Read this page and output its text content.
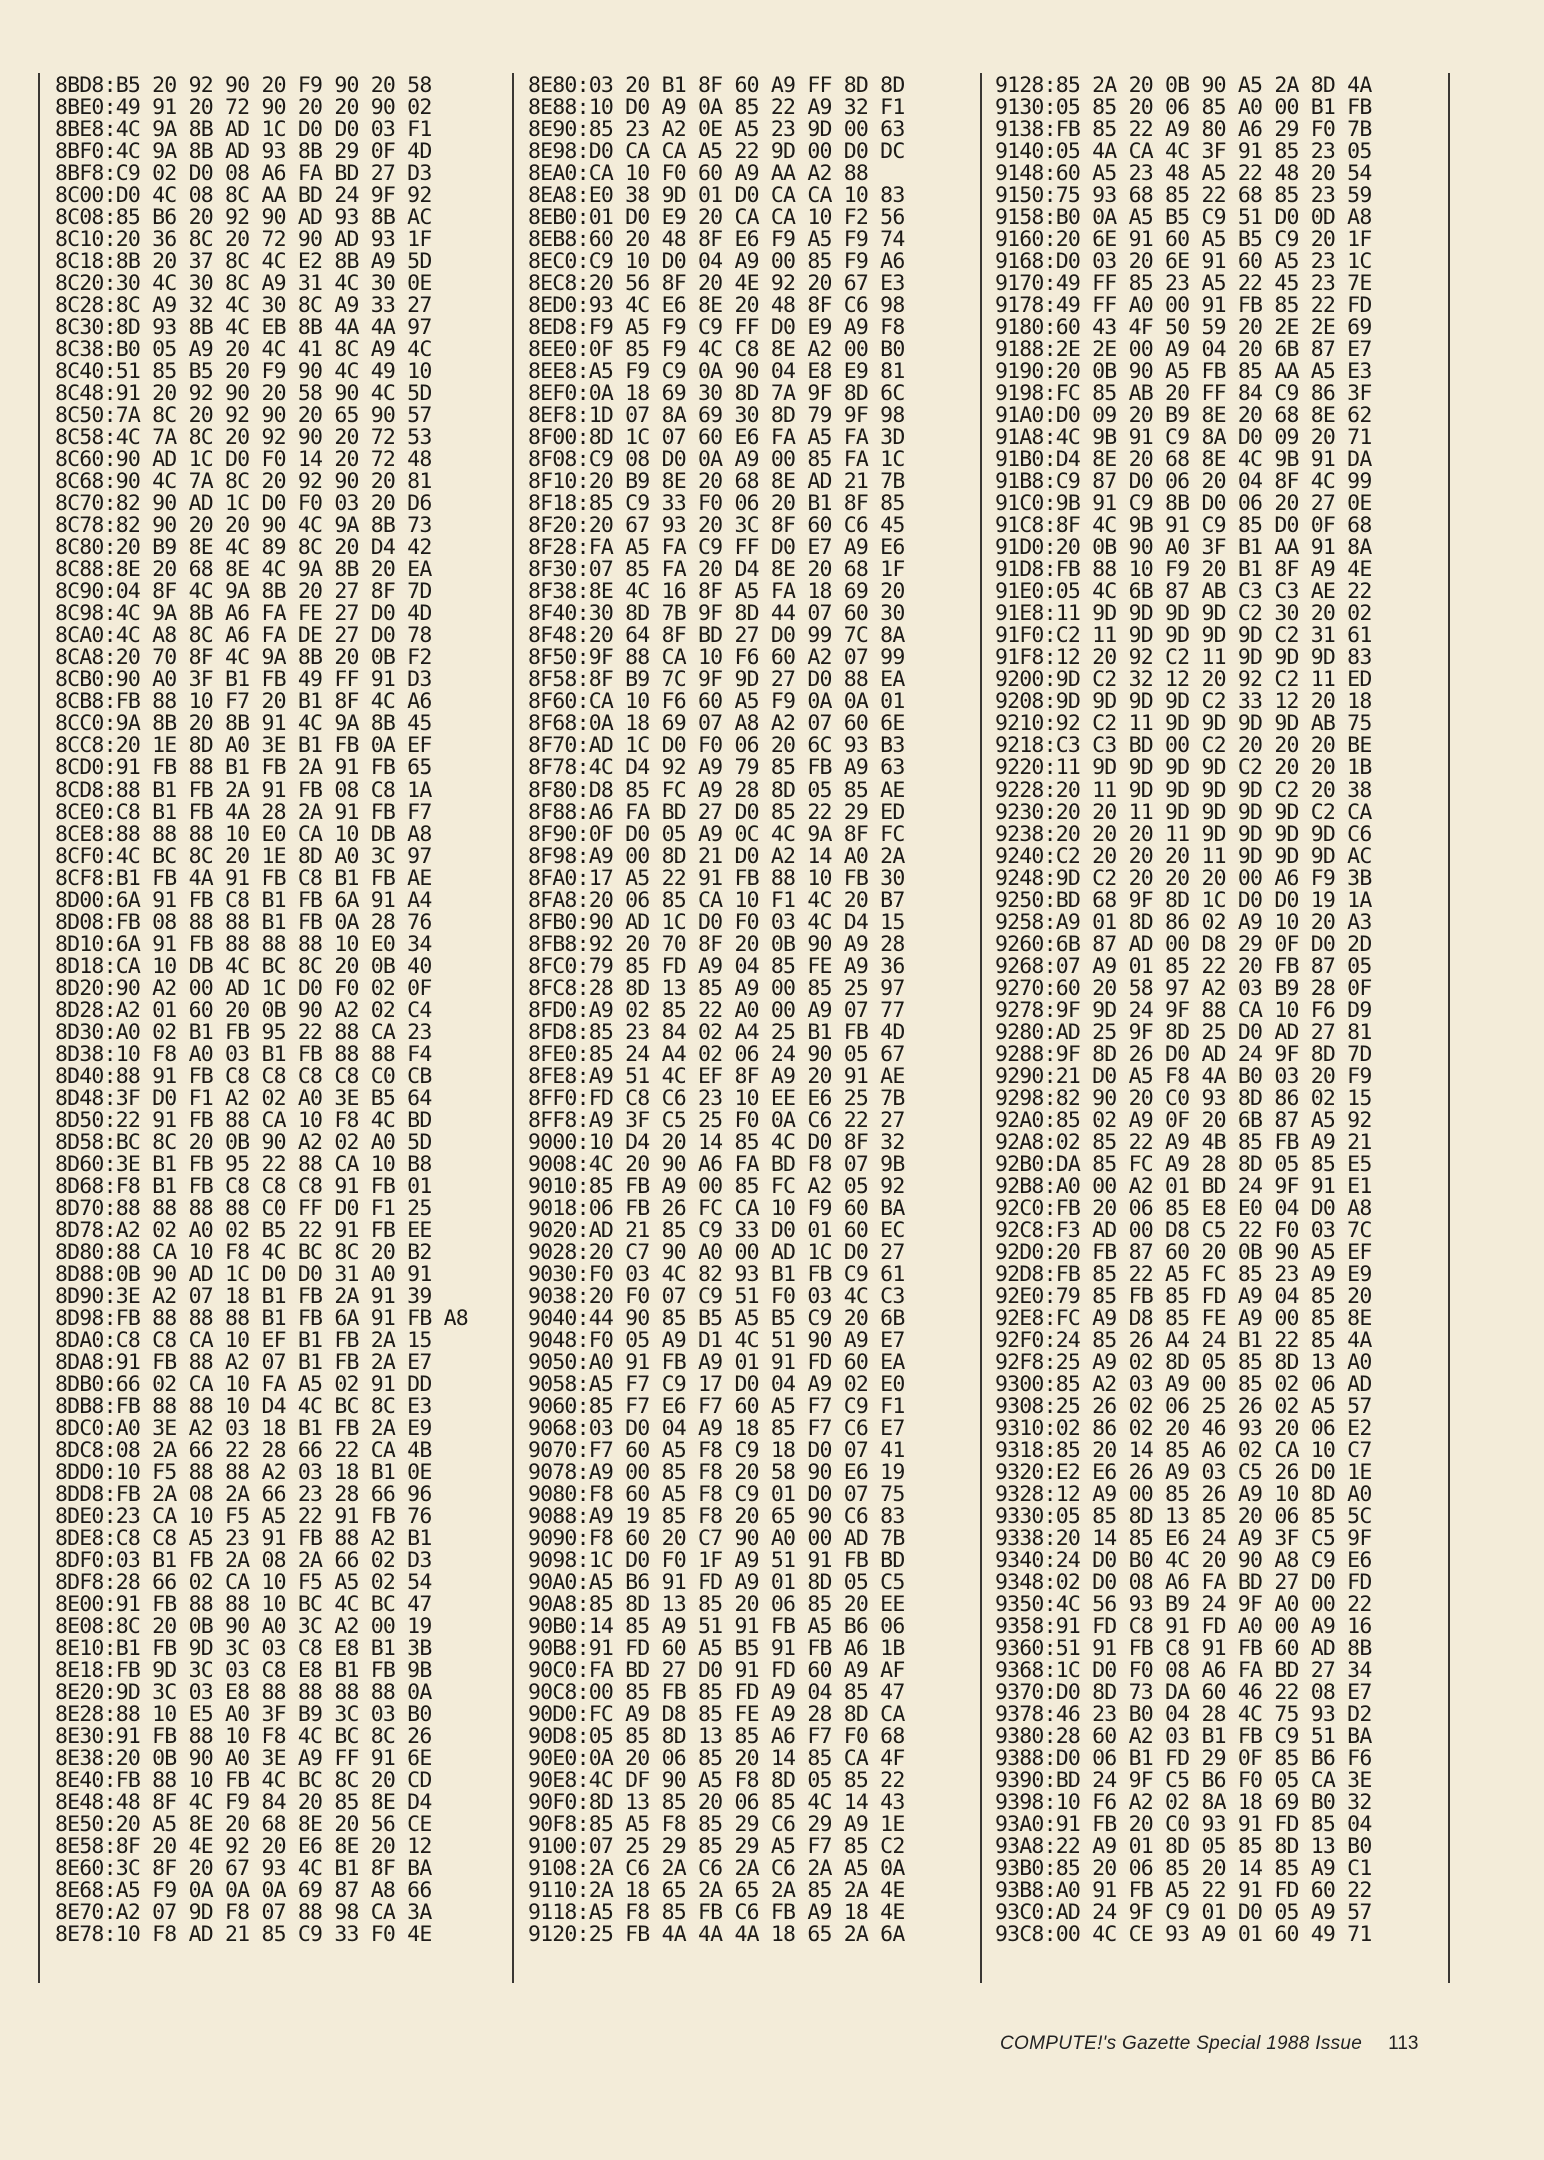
8BD8:B5 20 92 90 20 F9 90 20 58
8BE0:49 91 20 72 90 20 20 90 02
8BE8:4C 9A 8B AD 1C D0 D0 03 F1
8BF0:4C 9A 8B AD 93 8B 29 0F 4D
8BF8:C9 02 D0 08 A6 FA BD 27 D3
8C00:D0 4C 08 8C AA BD 24 9F 92
8C08:85 B6 20 92 90 AD 93 8B AC
8C10:20 36 8C 20 72 90 AD 93 1F
8C18:8B 20 37 8C 4C E2 8B A9 5D
8C20:30 4C 30 8C A9 31 4C 30 0E
8C28:8C A9 32 4C 30 8C A9 33 27
8C30:8D 93 8B 4C EB 8B 4A 4A 97
8C38:B0 05 A9 20 4C 41 8C A9 4C
8C40:51 85 B5 20 F9 90 4C 49 10
8C48:91 20 92 90 20 58 90 4C 5D
8C50:7A 8C 20 92 90 20 65 90 57
8C58:4C 7A 8C 20 92 90 20 72 53
8C60:90 AD 1C D0 F0 14 20 72 48
8C68:90 4C 7A 8C 20 92 90 20 81
8C70:82 90 AD 1C D0 F0 03 20 D6
8C78:82 90 20 20 90 4C 9A 8B 73
8C80:20 B9 8E 4C 89 8C 20 D4 42
8C88:8E 20 68 8E 4C 9A 8B 20 EA
8C90:04 8F 4C 9A 8B 20 27 8F 7D
8C98:4C 9A 8B A6 FA FE 27 D0 4D
8CA0:4C A8 8C A6 FA DE 27 D0 78
8CA8:20 70 8F 4C 9A 8B 20 0B F2
8CB0:90 A0 3F B1 FB 49 FF 91 D3
8CB8:FB 88 10 F7 20 B1 8F 4C A6
8CC0:9A 8B 20 8B 91 4C 9A 8B 45
8CC8:20 1E 8D A0 3E B1 FB 0A EF
8CD0:91 FB 88 B1 FB 2A 91 FB 65
8CD8:88 B1 FB 2A 91 FB 08 C8 1A
8CE0:C8 B1 FB 4A 28 2A 91 FB F7
8CE8:88 88 88 10 E0 CA 10 DB A8
8CF0:4C BC 8C 20 1E 8D A0 3C 97
8CF8:B1 FB 4A 91 FB C8 B1 FB AE
8D00:6A 91 FB C8 B1 FB 6A 91 A4
8D08:FB 08 88 88 B1 FB 0A 28 76
8D10:6A 91 FB 88 88 88 10 E0 34
8D18:CA 10 DB 4C BC 8C 20 0B 40
8D20:90 A2 00 AD 1C D0 F0 02 0F
8D28:A2 01 60 20 0B 90 A2 02 C4
8D30:A0 02 B1 FB 95 22 88 CA 23
8D38:10 F8 A0 03 B1 FB 88 88 F4
8D40:88 91 FB C8 C8 C8 C8 C0 CB
8D48:3F D0 F1 A2 02 A0 3E B5 64
8D50:22 91 FB 88 CA 10 F8 4C BD
8D58:BC 8C 20 0B 90 A2 02 A0 5D
8D60:3E B1 FB 95 22 88 CA 10 B8
8D68:F8 B1 FB C8 C8 C8 91 FB 01
8D70:88 88 88 88 C0 FF D0 F1 25
8D78:A2 02 A0 02 B5 22 91 FB EE
8D80:88 CA 10 F8 4C BC 8C 20 B2
8D88:0B 90 AD 1C D0 D0 31 A0 91
8D90:3E A2 07 18 B1 FB 2A 91 39
8D98:FB 88 88 88 B1 FB 6A 91 FB A8
8DA0:C8 C8 CA 10 EF B1 FB 2A 15
8DA8:91 FB 88 A2 07 B1 FB 2A E7
8DB0:66 02 CA 10 FA A5 02 91 DD
8DB8:FB 88 88 10 D4 4C BC 8C E3
8DC0:A0 3E A2 03 18 B1 FB 2A E9
8DC8:08 2A 66 22 28 66 22 CA 4B
8DD0:10 F5 88 88 A2 03 18 B1 0E
8DD8:FB 2A 08 2A 66 23 28 66 96
8DE0:23 CA 10 F5 A5 22 91 FB 76
8DE8:C8 C8 A5 23 91 FB 88 A2 B1
8DF0:03 B1 FB 2A 08 2A 66 02 D3
8DF8:28 66 02 CA 10 F5 A5 02 54
8E00:91 FB 88 88 10 BC 4C BC 47
8E08:8C 20 0B 90 A0 3C A2 00 19
8E10:B1 FB 9D 3C 03 C8 E8 B1 3B
8E18:FB 9D 3C 03 C8 E8 B1 FB 9B
8E20:9D 3C 03 E8 88 88 88 88 0A
8E28:88 10 E5 A0 3F B9 3C 03 B0
8E30:91 FB 88 10 F8 4C BC 8C 26
8E38:20 0B 90 A0 3E A9 FF 91 6E
8E40:FB 88 10 FB 4C BC 8C 20 CD
8E48:48 8F 4C F9 84 20 85 8E D4
8E50:20 A5 8E 20 68 8E 20 56 CE
8E58:8F 20 4E 92 20 E6 8E 20 12
8E60:3C 8F 20 67 93 4C B1 8F BA
8E68:A5 F9 0A 0A 0A 69 87 A8 66
8E70:A2 07 9D F8 07 88 98 CA 3A
8E78:10 F8 AD 21 85 C9 33 F0 4E
8E80:03 20 B1 8F 60 A9 FF 8D 8D
8E88:10 D0 A9 0A 85 22 A9 32 F1
8E90:85 23 A2 0E A5 23 9D 00 63
8E98:D0 CA CA A5 22 9D 00 D0 DC
8EA0:CA 10 F0 60 A9 AA A2 88
8EA8:E0 38 9D 01 D0 CA CA 10 83
8EB0:01 D0 E9 20 CA CA 10 F2 56
8EB8:60 20 48 8F E6 F9 A5 F9 74
8EC0:C9 10 D0 04 A9 00 85 F9 A6
8EC8:20 56 8F 20 4E 92 20 67 E3
8ED0:93 4C E6 8E 20 48 8F C6 98
8ED8:F9 A5 F9 C9 FF D0 E9 A9 F8
8EE0:0F 85 F9 4C C8 8E A2 00 B0
8EE8:A5 F9 C9 0A 90 04 E8 E9 81
8EF0:0A 18 69 30 8D 7A 9F 8D 6C
8EF8:1D 07 8A 69 30 8D 79 9F 98
8F00:8D 1C 07 60 E6 FA A5 FA 3D
8F08:C9 08 D0 0A A9 00 85 FA 1C
8F10:20 B9 8E 20 68 8E AD 21 7B
8F18:85 C9 33 F0 06 20 B1 8F 85
8F20:20 67 93 20 3C 8F 60 C6 45
8F28:FA A5 FA C9 FF D0 E7 A9 E6
8F30:07 85 FA 20 D4 8E 20 68 1F
8F38:8E 4C 16 8F A5 FA 18 69 20
8F40:30 8D 7B 9F 8D 44 07 60 30
8F48:20 64 8F BD 27 D0 99 7C 8A
8F50:9F 88 CA 10 F6 60 A2 07 99
8F58:8F B9 7C 9F 9D 27 D0 88 EA
8F60:CA 10 F6 60 A5 F9 0A 0A 01
8F68:0A 18 69 07 A8 A2 07 60 6E
8F70:AD 1C D0 F0 06 20 6C 93 B3
8F78:4C D4 92 A9 79 85 FB A9 63
8F80:D8 85 FC A9 28 8D 05 85 AE
8F88:A6 FA BD 27 D0 85 22 29 ED
8F90:0F D0 05 A9 0C 4C 9A 8F FC
8F98:A9 00 8D 21 D0 A2 14 A0 2A
8FA0:17 A5 22 91 FB 88 10 FB 30
8FA8:20 06 85 CA 10 F1 4C 20 B7
8FB0:90 AD 1C D0 F0 03 4C D4 15
8FB8:92 20 70 8F 20 0B 90 A9 28
8FC0:79 85 FD A9 04 85 FE A9 36
8FC8:28 8D 13 85 A9 00 85 25 97
8FD0:A9 02 85 22 A0 00 A9 07 77
8FD8:85 23 84 02 A4 25 B1 FB 4D
8FE0:85 24 A4 02 06 24 90 05 67
8FE8:A9 51 4C EF 8F A9 20 91 AE
8FF0:FD C8 C6 23 10 EE E6 25 7B
8FF8:A9 3F C5 25 F0 0A C6 22 27
9000:10 D4 20 14 85 4C D0 8F 32
9008:4C 20 90 A6 FA BD F8 07 9B
9010:85 FB A9 00 85 FC A2 05 92
9018:06 FB 26 FC CA 10 F9 60 BA
9020:AD 21 85 C9 33 D0 01 60 EC
9028:20 C7 90 A0 00 AD 1C D0 27
9030:F0 03 4C 82 93 B1 FB C9 61
9038:20 F0 07 C9 51 F0 03 4C C3
9040:44 90 85 B5 A5 B5 C9 20 6B
9048:F0 05 A9 D1 4C 51 90 A9 E7
9050:A0 91 FB A9 01 91 FD 60 EA
9058:A5 F7 C9 17 D0 04 A9 02 E0
9060:85 F7 E6 F7 60 A5 F7 C9 F1
9068:03 D0 04 A9 18 85 F7 C6 E7
9070:F7 60 A5 F8 C9 18 D0 07 41
9078:A9 00 85 F8 20 58 90 E6 19
9080:F8 60 A5 F8 C9 01 D0 07 75
9088:A9 19 85 F8 20 65 90 C6 83
9090:F8 60 20 C7 90 A0 00 AD 7B
9098:1C D0 F0 1F A9 51 91 FB BD
90A0:A5 B6 91 FD A9 01 8D 05 C5
90A8:85 8D 13 85 20 06 85 20 EE
90B0:14 85 A9 51 91 FB A5 B6 06
90B8:91 FD 60 A5 B5 91 FB A6 1B
90C0:FA BD 27 D0 91 FD 60 A9 AF
90C8:00 85 FB 85 FD A9 04 85 47
90D0:FC A9 D8 85 FE A9 28 8D CA
90D8:05 85 8D 13 85 A6 F7 F0 68
90E0:0A 20 06 85 20 14 85 CA 4F
90E8:4C DF 90 A5 F8 8D 05 85 22
90F0:8D 13 85 20 06 85 4C 14 43
90F8:85 A5 F8 85 29 C6 29 A9 1E
9100:07 25 29 85 29 A5 F7 85 C2
9108:2A C6 2A C6 2A C6 2A A5 0A
9110:2A 18 65 2A 65 2A 85 2A 4E
9118:A5 F8 85 FB C6 FB A9 18 4E
9120:25 FB 4A 4A 4A 18 65 2A 6A
9128:85 2A 20 0B 90 A5 2A 8D 4A
9130:05 85 20 06 85 A0 00 B1 FB
9138:FB 85 22 A9 80 A6 29 F0 7B
9140:05 4A CA 4C 3F 91 85 23 05
9148:60 A5 23 48 A5 22 48 20 54
9150:75 93 68 85 22 68 85 23 59
9158:B0 0A A5 B5 C9 51 D0 0D A8
9160:20 6E 91 60 A5 B5 C9 20 1F
9168:D0 03 20 6E 91 60 A5 23 1C
9170:49 FF 85 23 A5 22 45 23 7E
9178:49 FF A0 00 91 FB 85 22 FD
9180:60 43 4F 50 59 20 2E 2E 69
9188:2E 2E 00 A9 04 20 6B 87 E7
9190:20 0B 90 A5 FB 85 AA A5 E3
9198:FC 85 AB 20 FF 84 C9 86 3F
91A0:D0 09 20 B9 8E 20 68 8E 62
91A8:4C 9B 91 C9 8A D0 09 20 71
91B0:D4 8E 20 68 8E 4C 9B 91 DA
91B8:C9 87 D0 06 20 04 8F 4C 99
91C0:9B 91 C9 8B D0 06 20 27 0E
91C8:8F 4C 9B 91 C9 85 D0 0F 68
91D0:20 0B 90 A0 3F B1 AA 91 8A
91D8:FB 88 10 F9 20 B1 8F A9 4E
91E0:05 4C 6B 87 AB C3 C3 AE 22
91E8:11 9D 9D 9D 9D C2 30 20 02
91F0:C2 11 9D 9D 9D 9D C2 31 61
91F8:12 20 92 C2 11 9D 9D 9D 83
9200:9D C2 32 12 20 92 C2 11 ED
9208:9D 9D 9D 9D C2 33 12 20 18
9210:92 C2 11 9D 9D 9D 9D AB 75
9218:C3 C3 BD 00 C2 20 20 20 BE
9220:11 9D 9D 9D 9D C2 20 20 1B
9228:20 11 9D 9D 9D 9D C2 20 38
9230:20 20 11 9D 9D 9D 9D C2 CA
9238:20 20 20 11 9D 9D 9D 9D C6
9240:C2 20 20 20 11 9D 9D 9D AC
9248:9D C2 20 20 20 00 A6 F9 3B
9250:BD 68 9F 8D 1C D0 D0 19 1A
9258:A9 01 8D 86 02 A9 10 20 A3
9260:6B 87 AD 00 D8 29 0F D0 2D
9268:07 A9 01 85 22 20 FB 87 05
9270:60 20 58 97 A2 03 B9 28 0F
9278:9F 9D 24 9F 88 CA 10 F6 D9
9280:AD 25 9F 8D 25 D0 AD 27 81
9288:9F 8D 26 D0 AD 24 9F 8D 7D
9290:21 D0 A5 F8 4A B0 03 20 F9
9298:82 90 20 C0 93 8D 86 02 15
92A0:85 02 A9 0F 20 6B 87 A5 92
92A8:02 85 22 A9 4B 85 FB A9 21
92B0:DA 85 FC A9 28 8D 05 85 E5
92B8:A0 00 A2 01 BD 24 9F 91 E1
92C0:FB 20 06 85 E8 E0 04 D0 A8
92C8:F3 AD 00 D8 C5 22 F0 03 7C
92D0:20 FB 87 60 20 0B 90 A5 EF
92D8:FB 85 22 A5 FC 85 23 A9 E9
92E0:79 85 FB 85 FD A9 04 85 20
92E8:FC A9 D8 85 FE A9 00 85 8E
92F0:24 85 26 A4 24 B1 22 85 4A
92F8:25 A9 02 8D 05 85 8D 13 A0
9300:85 A2 03 A9 00 85 02 06 AD
9308:25 26 02 06 25 26 02 A5 57
9310:02 86 02 20 46 93 20 06 E2
9318:85 20 14 85 A6 02 CA 10 C7
9320:E2 E6 26 A9 03 C5 26 D0 1E
9328:12 A9 00 85 26 A9 10 8D A0
9330:05 85 8D 13 85 20 06 85 5C
9338:20 14 85 E6 24 A9 3F C5 9F
9340:24 D0 B0 4C 20 90 A8 C9 E6
9348:02 D0 08 A6 FA BD 27 D0 FD
9350:4C 56 93 B9 24 9F A0 00 22
9358:91 FD C8 91 FD A0 00 A9 16
9360:51 91 FB C8 91 FB 60 AD 8B
9368:1C D0 F0 08 A6 FA BD 27 34
9370:D0 8D 73 DA 60 46 22 08 E7
9378:46 23 B0 04 28 4C 75 93 D2
9380:28 60 A2 03 B1 FB C9 51 BA
9388:D0 06 B1 FD 29 0F 85 B6 F6
9390:BD 24 9F C5 B6 F0 05 CA 3E
9398:10 F6 A2 02 8A 18 69 B0 32
93A0:91 FB 20 C0 93 91 FD 85 04
93A8:22 A9 01 8D 05 85 8D 13 B0
93B0:85 20 06 85 20 14 85 A9 C1
93B8:A0 91 FB A5 22 91 FD 60 22
93C0:AD 24 9F C9 01 D0 05 A9 57
93C8:00 4C CE 93 A9 01 60 49 71
COMPUTE!'s Gazette Special 1988 Issue 113
